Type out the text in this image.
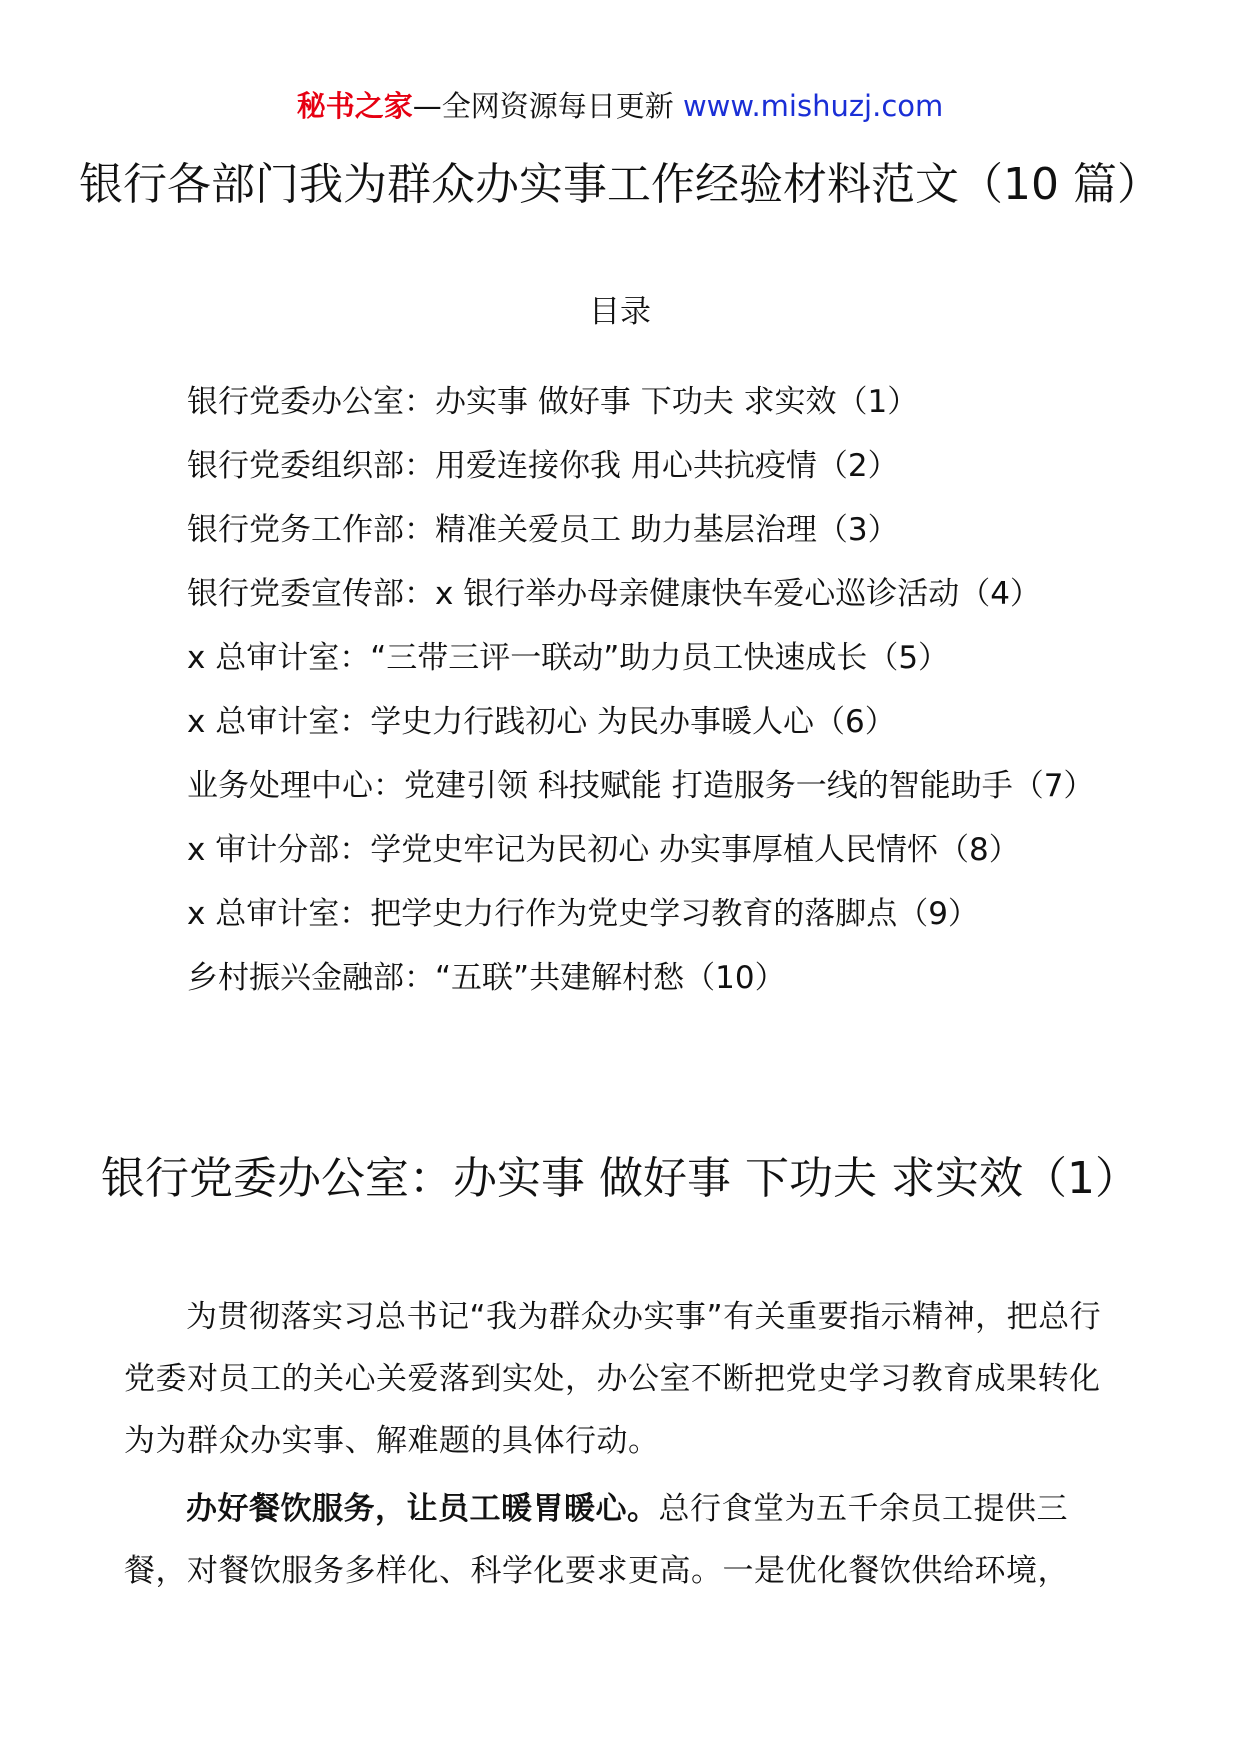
秘书之家—全网资源每日更新 www.mishuzj.com
银行各部门我为群众办实事工作经验材料范文（10 篇）
目录
银行党委办公室：办实事 做好事 下功夫 求实效（1）
银行党委组织部：用爱连接你我 用心共抗疫情（2）
银行党务工作部：精准关爱员工 助力基层治理（3）
银行党委宣传部：x 银行举办母亲健康快车爱心巡诊活动（4）
x 总审计室：“三带三评一联动”助力员工快速成长（5）
x 总审计室：学史力行践初心 为民办事暖人心（6）
业务处理中心：党建引领 科技赋能 打造服务一线的智能助手（7）
x 审计分部：学党史牢记为民初心 办实事厚植人民情怀（8）
x 总审计室：把学史力行作为党史学习教育的落脚点（9）
乡村振兴金融部：“五联”共建解村愁（10）
银行党委办公室：办实事 做好事 下功夫 求实效（1）

为贯彻落实习总书记“我为群众办实事”有关重要指示精神，把总行党委对员工的关心关爱落到实处，办公室不断把党史学习教育成果转化为为群众办实事、解难题的具体行动。

办好餐饮服务，让员工暖胃暖心。总行食堂为五千余员工提供三餐，对餐饮服务多样化、科学化要求更高。一是优化餐饮供给环境，
